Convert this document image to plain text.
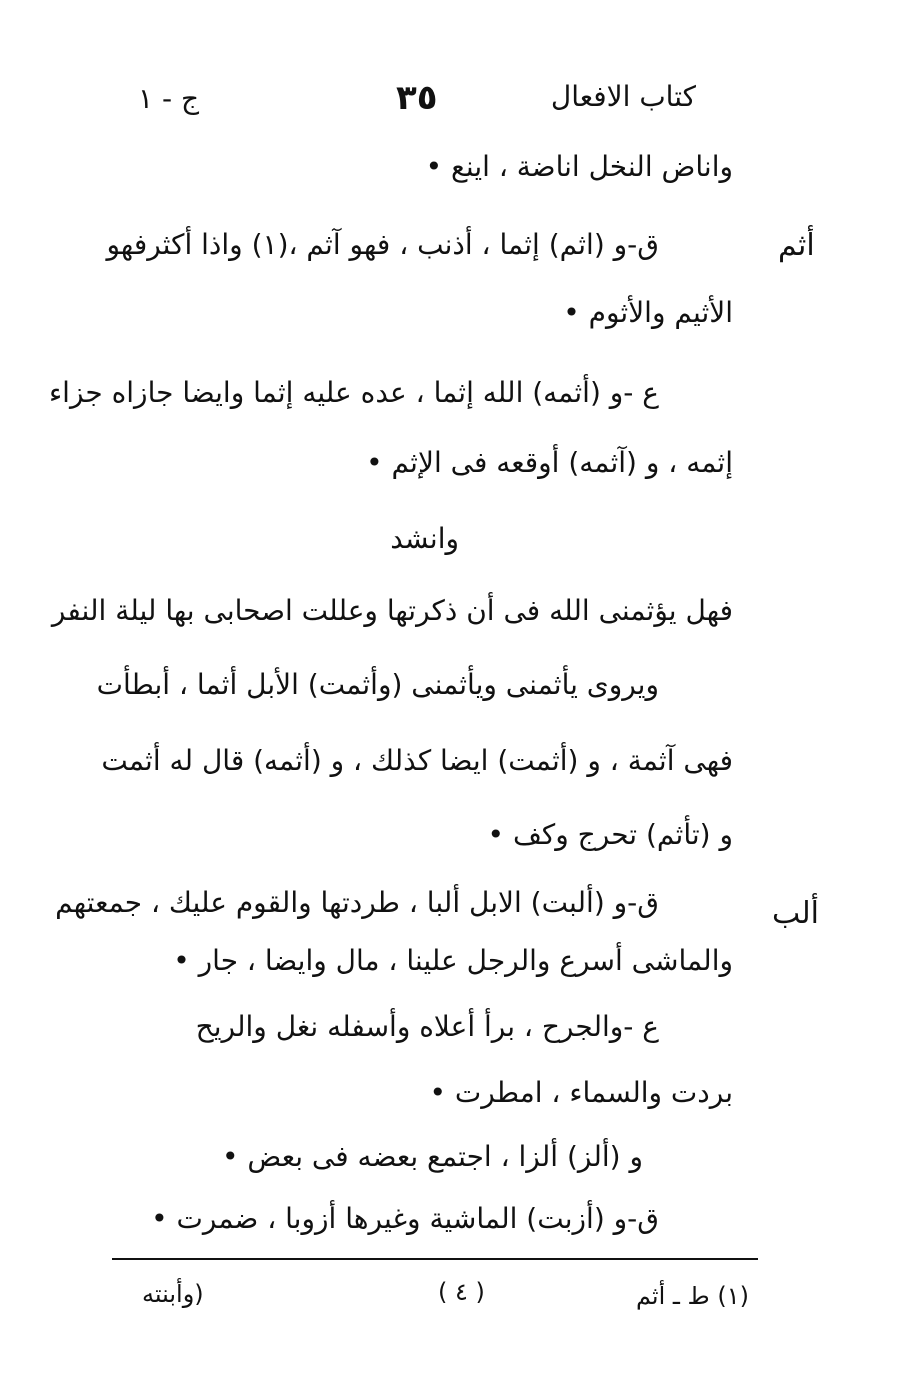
كتاب الافعال
٣٥
ج - ١
أثم
ألب
واناض النخل اناضة ، اينع •
ق-و (اثم) إثما ، أذنب ، فهو آثم ،(١) واذا أكثرفهو
الأثيم والأثوم •
ع -و (أثمه) الله إثما ، عده عليه إثما وايضا جازاه جزاء
إثمه ، و (آثمه) أوقعه فى الإثم •
وانشد
فهل يؤثمنى الله فى أن ذكرتها وعللت اصحابى بها ليلة النفر
ويروى يأثمنى ويأثمنى (وأثمت) الأبل أثما ، أبطأت
فهى آثمة ، و (أثمت) ايضا كذلك ، و (أثمه) قال له أثمت
و (تأثم) تحرج وكف •
ق-و (ألبت) الابل ألبا ، طردتها والقوم عليك ، جمعتهم
والماشى أسرع والرجل علينا ، مال وايضا ، جار •
ع -والجرح ، برأ أعلاه وأسفله نغل والريح
بردت والسماء ، امطرت •
و (ألز) ألزا ، اجتمع بعضه فى بعض •
ق-و (أزبت) الماشية وغيرها أزوبا ، ضمرت •
(١) ط ـ أثم
( ٤ )
(وأبنته
